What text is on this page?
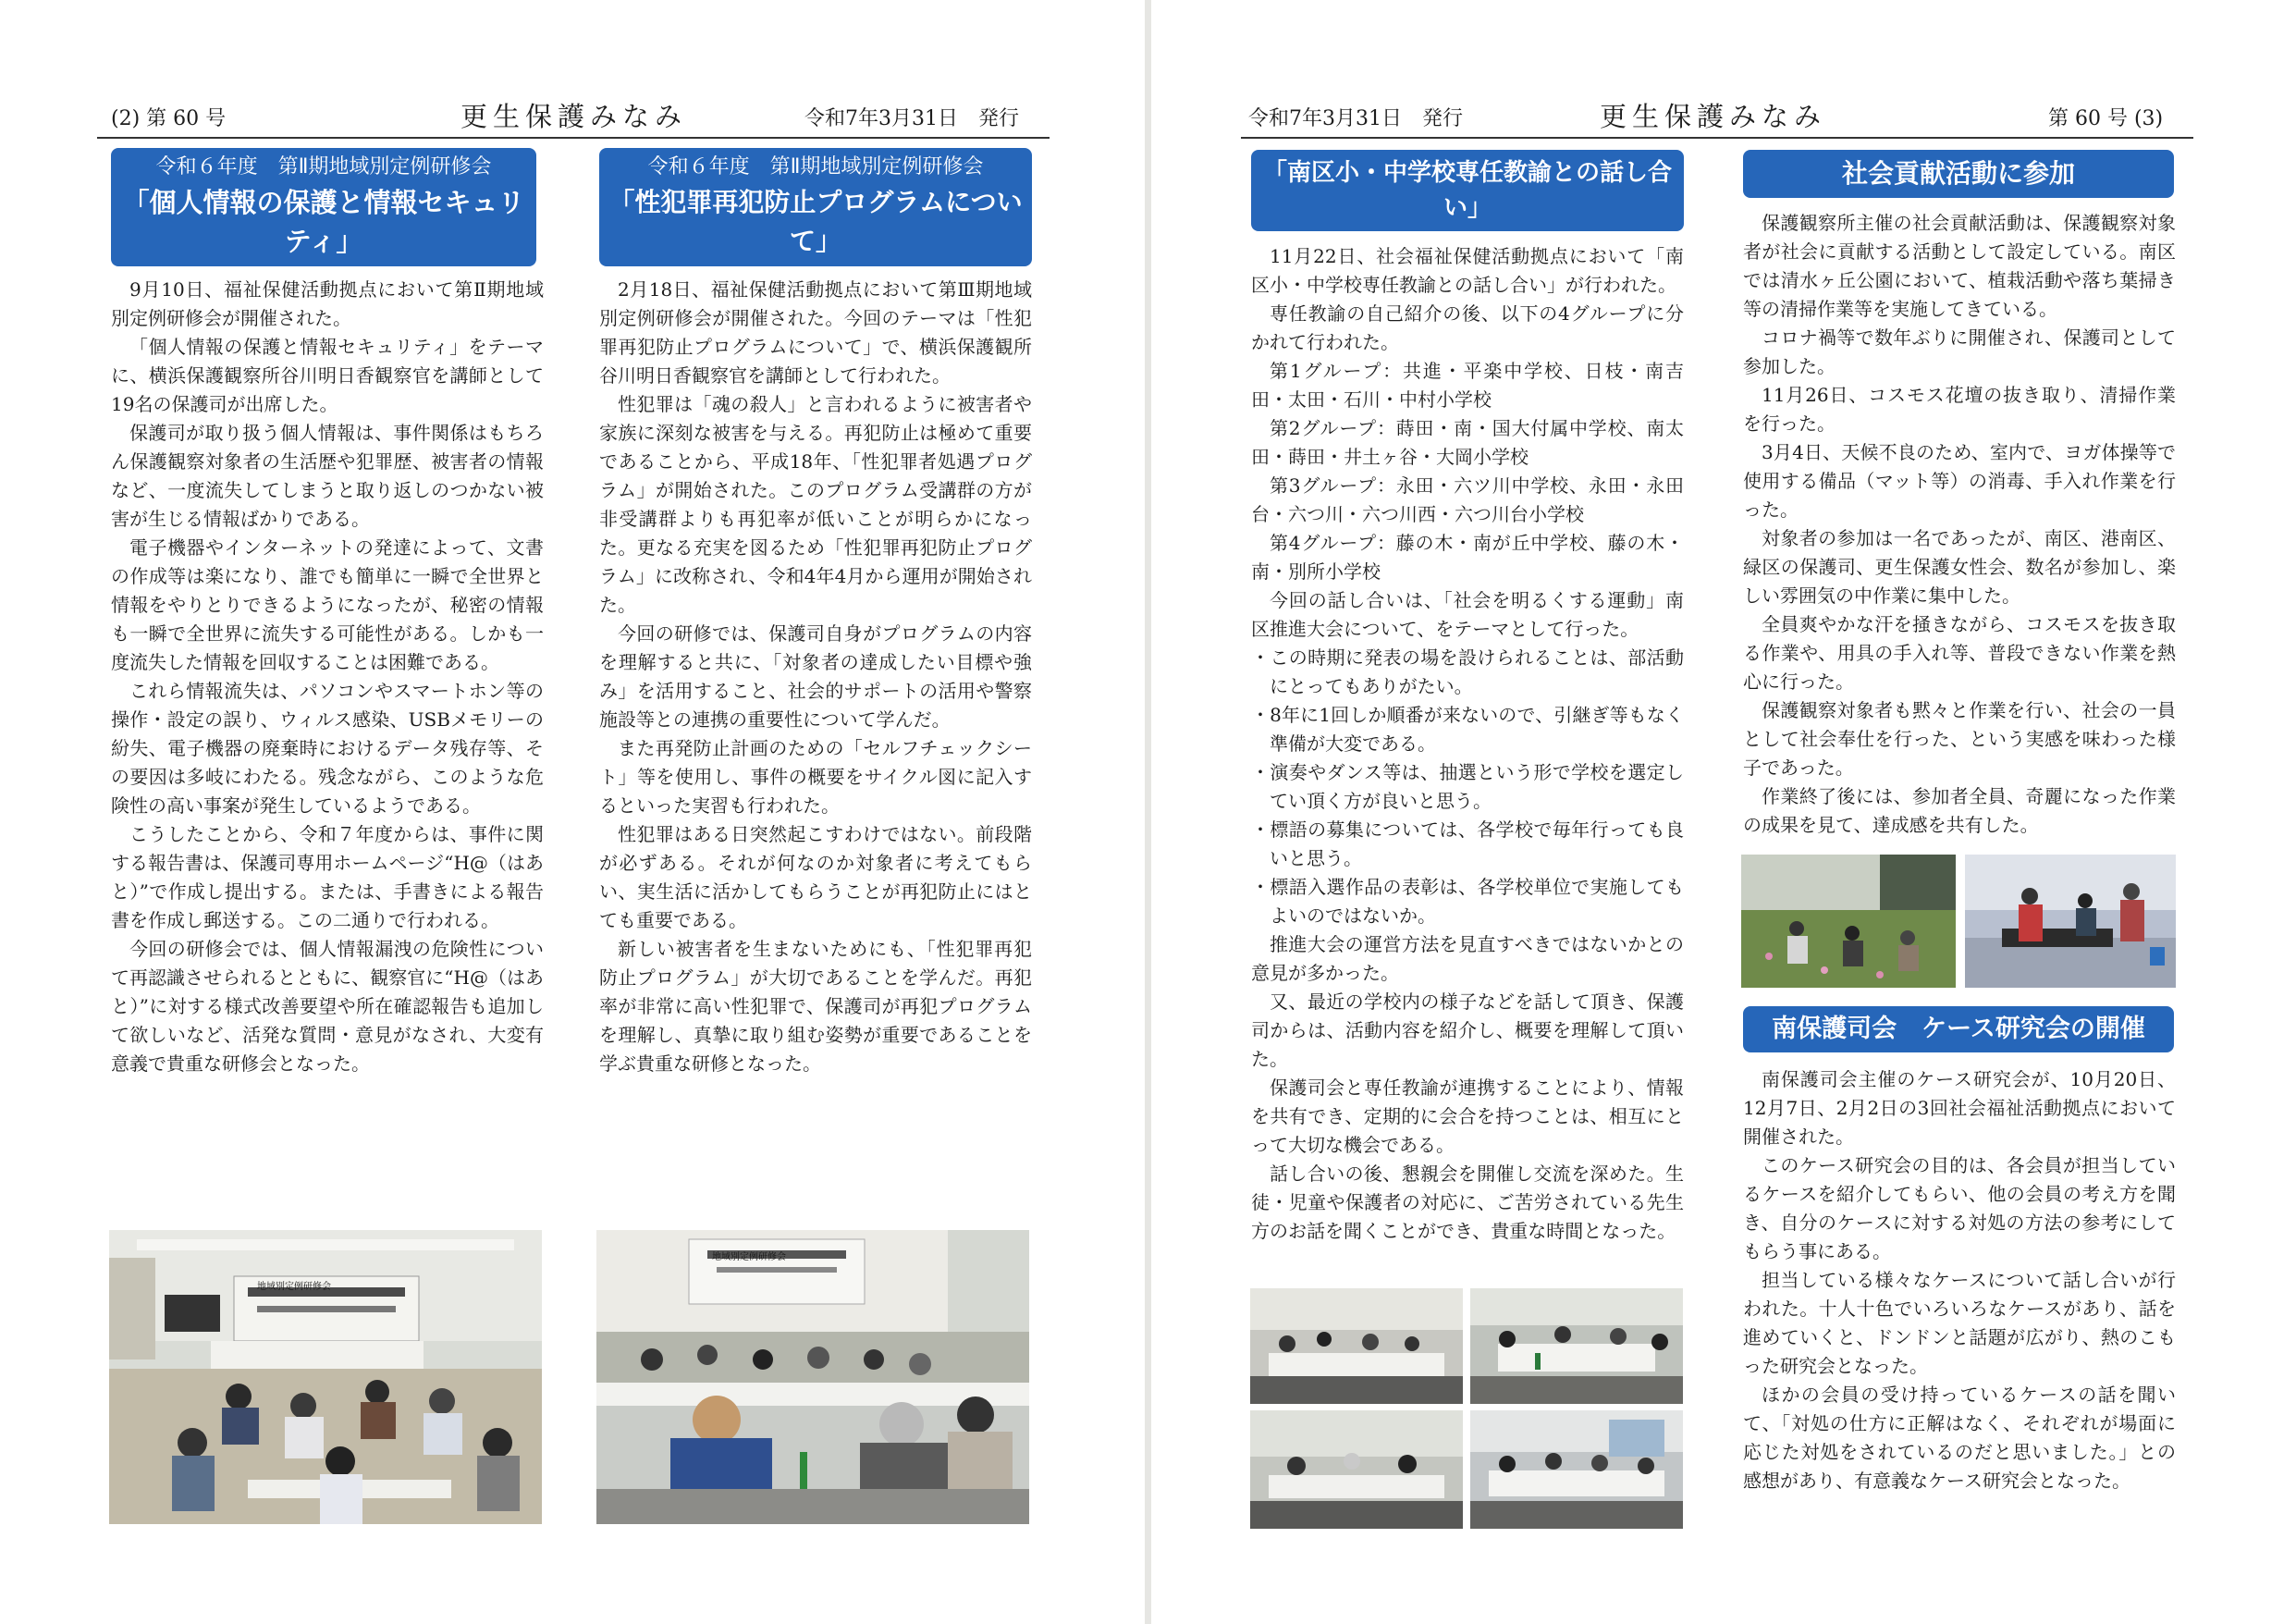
(2) 第 60 号	更生保護みなみ	令和7年3月31日　発行
令和６年度　第Ⅱ期地域別定例研修会
「個人情報の保護と情報セキュリティ」

9月10日、福祉保健活動拠点において第Ⅱ期地域別定例研修会が開催された。

「個人情報の保護と情報セキュリティ」をテーマに、横浜保護観察所谷川明日香観察官を講師として19名の保護司が出席した。

保護司が取り扱う個人情報は、事件関係はもちろん保護観察対象者の生活歴や犯罪歴、被害者の情報など、一度流失してしまうと取り返しのつかない被害が生じる情報ばかりである。

電子機器やインターネットの発達によって、文書の作成等は楽になり、誰でも簡単に一瞬で全世界と情報をやりとりできるようになったが、秘密の情報も一瞬で全世界に流失する可能性がある。しかも一度流失した情報を回収することは困難である。

これら情報流失は、パソコンやスマートホン等の操作・設定の誤り、ウィルス感染、USBメモリーの紛失、電子機器の廃棄時におけるデータ残存等、その要因は多岐にわたる。残念ながら、このような危険性の高い事案が発生しているようである。

こうしたことから、令和７年度からは、事件に関する報告書は、保護司専用ホームページ“H@（はあと）”で作成し提出する。または、手書きによる報告書を作成し郵送する。この二通りで行われる。

今回の研修会では、個人情報漏洩の危険性について再認識させられるとともに、観察官に“H@（はあと）”に対する様式改善要望や所在確認報告も追加して欲しいなど、活発な質問・意見がなされ、大変有意義で貴重な研修会となった。

令和６年度　第Ⅱ期地域別定例研修会
「性犯罪再犯防止プログラムについて」

2月18日、福祉保健活動拠点において第Ⅲ期地域別定例研修会が開催された。今回のテーマは「性犯罪再犯防止プログラムについて」で、横浜保護観所　谷川明日香観察官を講師として行われた。

性犯罪は「魂の殺人」と言われるように被害者や家族に深刻な被害を与える。再犯防止は極めて重要であることから、平成18年、「性犯罪者処遇プログラム」が開始された。このプログラム受講群の方が非受講群よりも再犯率が低いことが明らかになった。更なる充実を図るため「性犯罪再犯防止プログラム」に改称され、令和4年4月から運用が開始された。

今回の研修では、保護司自身がプログラムの内容を理解すると共に、「対象者の達成したい目標や強み」を活用すること、社会的サポートの活用や警察施設等との連携の重要性について学んだ。

また再発防止計画のための「セルフチェックシート」等を使用し、事件の概要をサイクル図に記入するといった実習も行われた。

性犯罪はある日突然起こすわけではない。前段階が必ずある。それが何なのか対象者に考えてもらい、実生活に活かしてもらうことが再犯防止にはとても重要である。

新しい被害者を生まないためにも、「性犯罪再犯防止プログラム」が大切であることを学んだ。再犯率が非常に高い性犯罪で、保護司が再犯プログラムを理解し、真摯に取り組む姿勢が重要であることを学ぶ貴重な研修となった。

地域別定例研修会
地域別定例研修会
令和7年3月31日　発行	更生保護みなみ	第 60 号 (3)
「南区小・中学校専任教諭との話し合い」

11月22日、社会福祉保健活動拠点において「南区小・中学校専任教諭との話し合い」が行われた。

専任教諭の自己紹介の後、以下の4グループに分かれて行われた。

第1グループ：共進・平楽中学校、日枝・南吉田・太田・石川・中村小学校

第2グループ：蒔田・南・国大付属中学校、南太田・蒔田・井土ヶ谷・大岡小学校

第3グループ：永田・六ツ川中学校、永田・永田台・六つ川・六つ川西・六つ川台小学校

第4グループ：藤の木・南が丘中学校、藤の木・南・別所小学校

今回の話し合いは、「社会を明るくする運動」南区推進大会について、をテーマとして行った。

・この時期に発表の場を設けられることは、部活動にとってもありがたい。

・8年に1回しか順番が来ないので、引継ぎ等もなく準備が大変である。

・演奏やダンス等は、抽選という形で学校を選定してい頂く方が良いと思う。

・標語の募集については、各学校で毎年行っても良いと思う。

・標語入選作品の表彰は、各学校単位で実施してもよいのではないか。

推進大会の運営方法を見直すべきではないかとの意見が多かった。

又、最近の学校内の様子などを話して頂き、保護司からは、活動内容を紹介し、概要を理解して頂いた。

保護司会と専任教諭が連携することにより、情報を共有でき、定期的に会合を持つことは、相互にとって大切な機会である。

話し合いの後、懇親会を開催し交流を深めた。生徒・児童や保護者の対応に、ご苦労されている先生方のお話を聞くことができ、貴重な時間となった。

社会貢献活動に参加

保護観察所主催の社会貢献活動は、保護観察対象者が社会に貢献する活動として設定している。南区では清水ヶ丘公園において、植栽活動や落ち葉掃き等の清掃作業等を実施してきている。

コロナ禍等で数年ぶりに開催され、保護司として参加した。

11月26日、コスモス花壇の抜き取り、清掃作業を行った。

3月4日、天候不良のため、室内で、ヨガ体操等で使用する備品（マット等）の消毒、手入れ作業を行った。

対象者の参加は一名であったが、南区、港南区、緑区の保護司、更生保護女性会、数名が参加し、楽しい雰囲気の中作業に集中した。

全員爽やかな汗を掻きながら、コスモスを抜き取る作業や、用具の手入れ等、普段できない作業を熱心に行った。

保護観察対象者も黙々と作業を行い、社会の一員として社会奉仕を行った、という実感を味わった様子であった。

作業終了後には、参加者全員、奇麗になった作業の成果を見て、達成感を共有した。

南保護司会　ケース研究会の開催

南保護司会主催のケース研究会が、10月20日、12月7日、2月2日の3回社会福祉活動拠点において開催された。

このケース研究会の目的は、各会員が担当しているケースを紹介してもらい、他の会員の考え方を聞き、自分のケースに対する対処の方法の参考にしてもらう事にある。

担当している様々なケースについて話し合いが行われた。十人十色でいろいろなケースがあり、話を進めていくと、ドンドンと話題が広がり、熱のこもった研究会となった。

ほかの会員の受け持っているケースの話を聞いて、「対処の仕方に正解はなく、それぞれが場面に応じた対処をされているのだと思いました。」との感想があり、有意義なケース研究会となった。
